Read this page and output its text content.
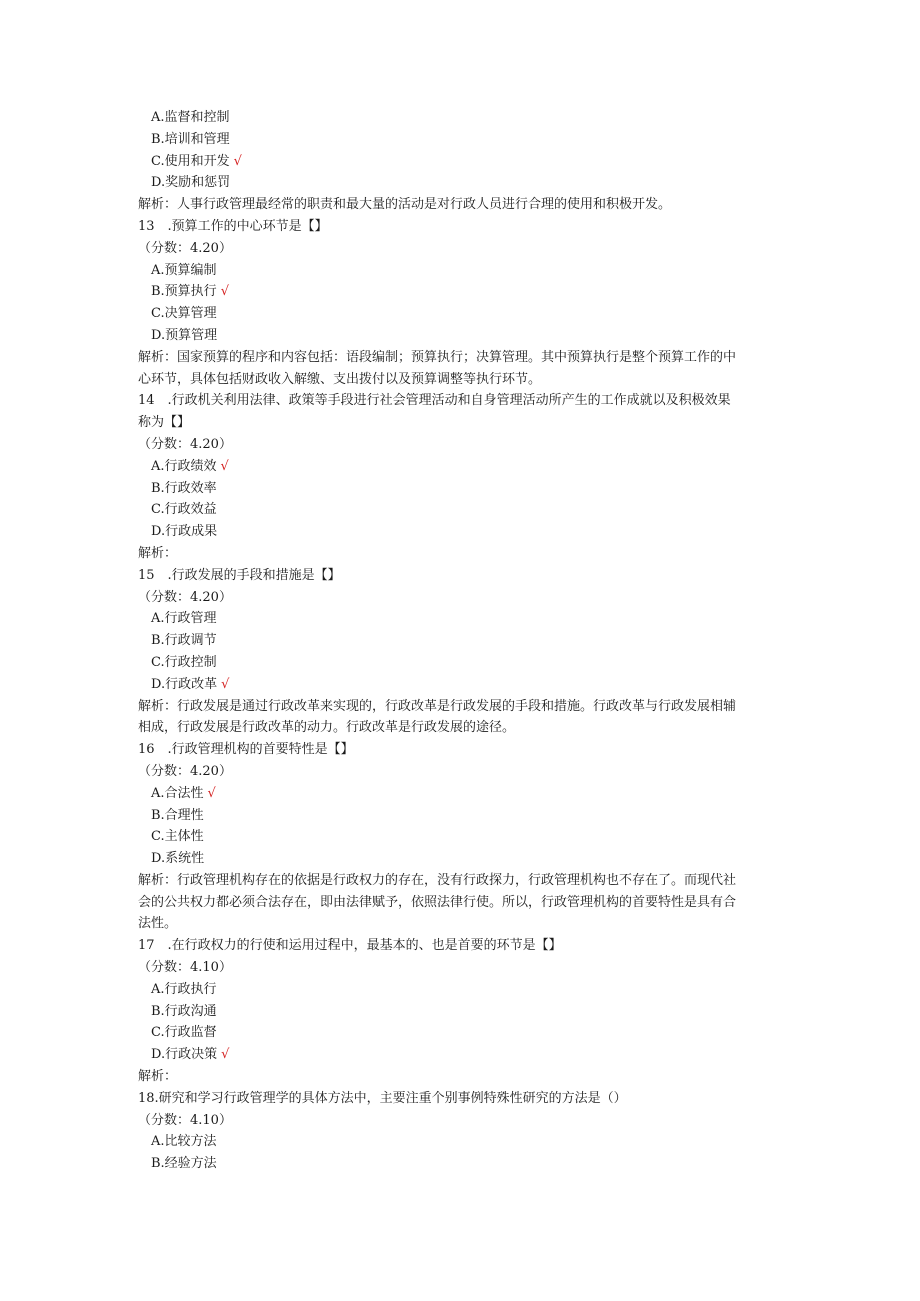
A.监督和控制
B.培训和管理
C.使用和开发 √
D.奖励和惩罚
解析：人事行政管理最经常的职责和最大量的活动是对行政人员进行合理的使用和积极开发。
13　.预算工作的中心环节是【】
（分数：4.20）
A.预算编制
B.预算执行 √
C.决算管理
D.预算管理
解析：国家预算的程序和内容包括：语段编制；预算执行；决算管理。其中预算执行是整个预算工作的中
心环节，具体包括财政收入解缴、支出拨付以及预算调整等执行环节。
14　.行政机关利用法律、政策等手段进行社会管理活动和自身管理活动所产生的工作成就以及积极效果
称为【】
（分数：4.20）
A.行政绩效 √
B.行政效率
C.行政效益
D.行政成果
解析：
15　.行政发展的手段和措施是【】
（分数：4.20）
A.行政管理
B.行政调节
C.行政控制
D.行政改革 √
解析：行政发展是通过行政改革来实现的，行政改革是行政发展的手段和措施。行政改革与行政发展相辅
相成，行政发展是行政改革的动力。行政改革是行政发展的途径。
16　.行政管理机构的首要特性是【】
（分数：4.20）
A.合法性 √
B.合理性
C.主体性
D.系统性
解析：行政管理机构存在的依据是行政权力的存在，没有行政探力，行政管理机构也不存在了。而现代社
会的公共权力都必须合法存在，即由法律赋予，依照法律行使。所以，行政管理机构的首要特性是具有合
法性。
17　.在行政权力的行使和运用过程中，最基本的、也是首要的环节是【】
（分数：4.10）
A.行政执行
B.行政沟通
C.行政监督
D.行政决策 √
解析：
18.研究和学习行政管理学的具体方法中，主要注重个别事例特殊性研究的方法是（）
（分数：4.10）
A.比较方法
B.经验方法
